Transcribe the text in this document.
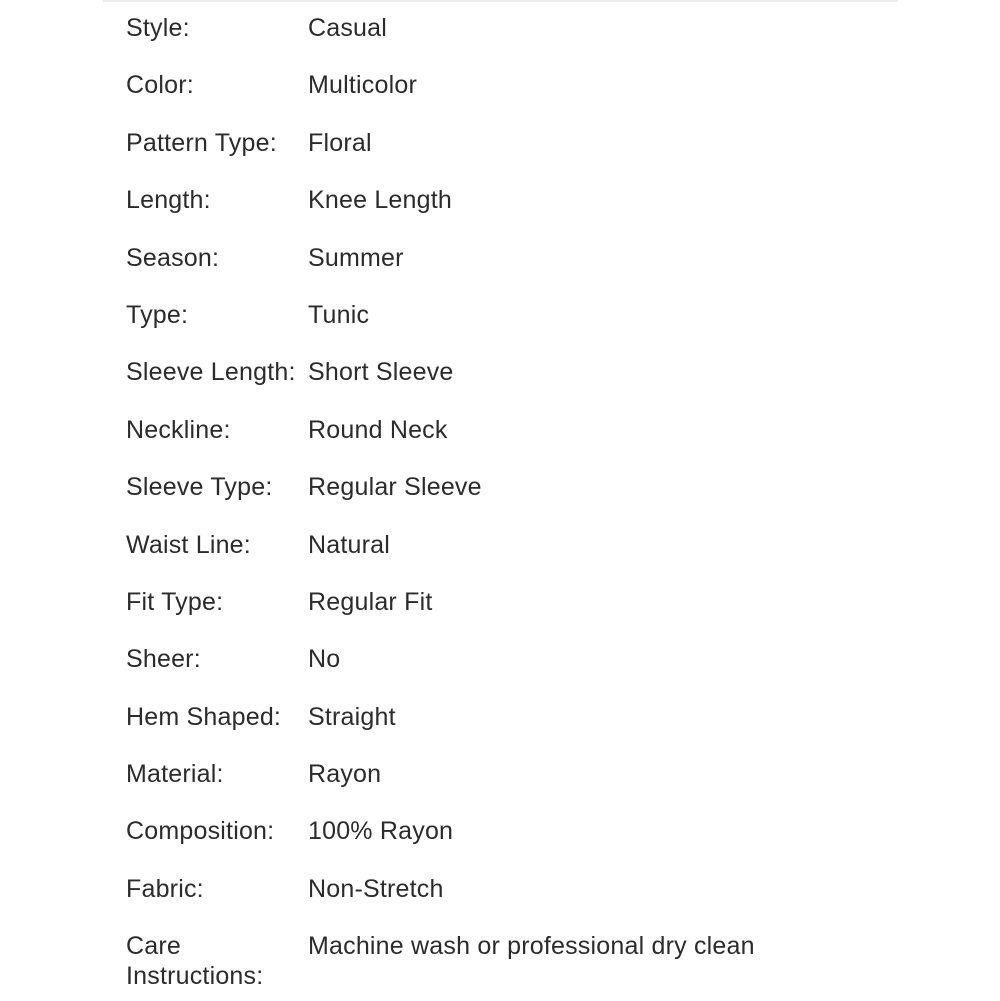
Style:	Casual
Color:	Multicolor
Pattern Type:	Floral
Length:	Knee Length
Season:	Summer
Type:	Tunic
Sleeve Length: Short Sleeve
Neckline:	Round Neck
Sleeve Type:	Regular Sleeve
Waist Line:	Natural
Fit Type:	Regular Fit
Sheer:	No
Hem Shaped:	Straight
Material:	Rayon
Composition:	100% Rayon
Fabric:	Non-Stretch
Care Instructions:
Machine wash or professional dry clean
